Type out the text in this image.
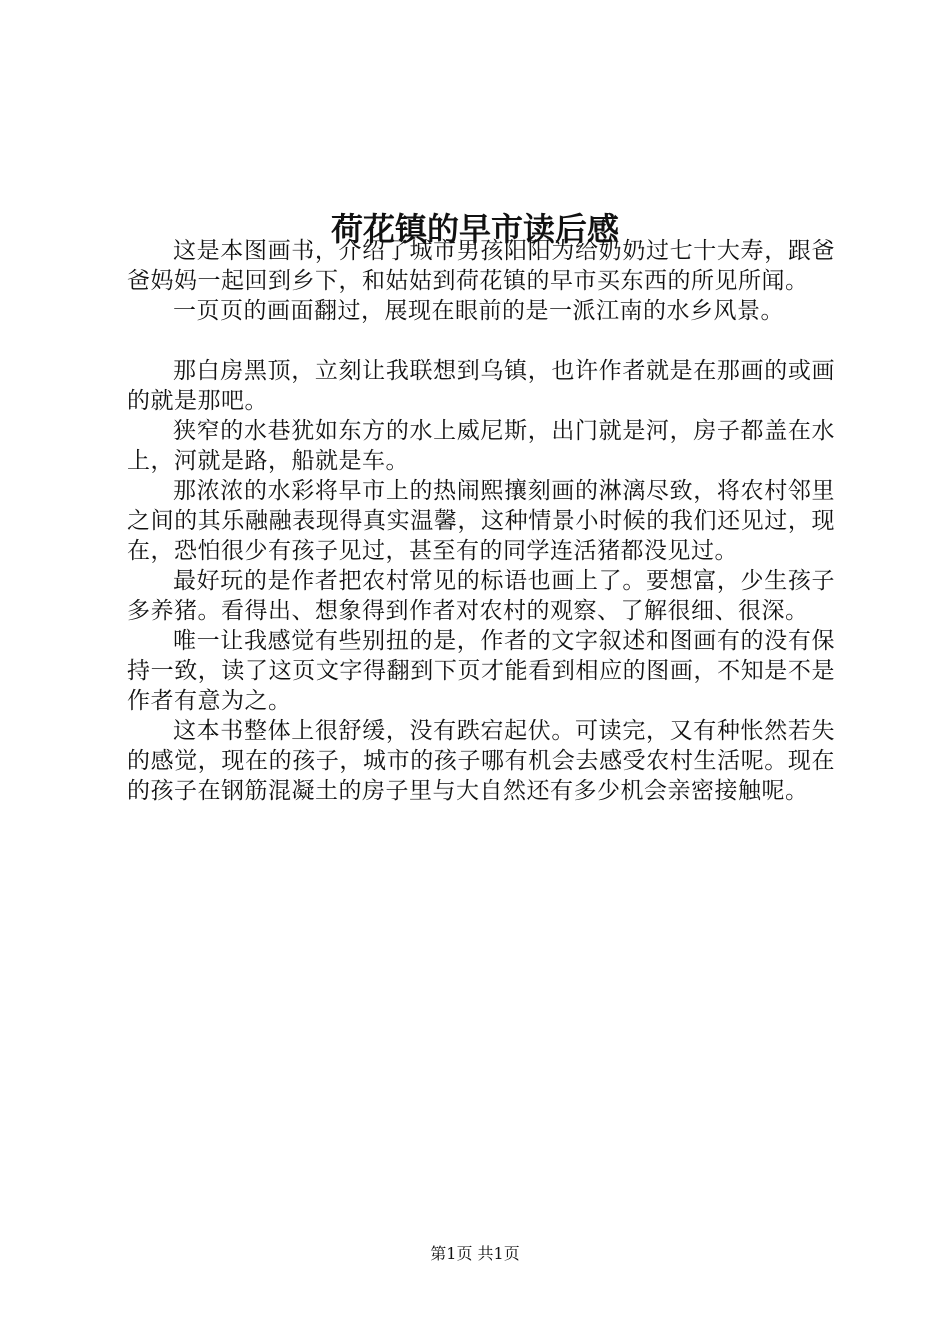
荷花镇的早市读后感

这是本图画书，介绍了城市男孩阳阳为给奶奶过七十大寿，跟爸爸妈妈一起回到乡下，和姑姑到荷花镇的早市买东西的所见所闻。

一页页的画面翻过，展现在眼前的是一派江南的水乡风景。

那白房黑顶，立刻让我联想到乌镇，也许作者就是在那画的或画的就是那吧。

狭窄的水巷犹如东方的水上威尼斯，出门就是河，房子都盖在水上，河就是路，船就是车。

那浓浓的水彩将早市上的热闹熙攘刻画的淋漓尽致，将农村邻里之间的其乐融融表现得真实温馨，这种情景小时候的我们还见过，现在，恐怕很少有孩子见过，甚至有的同学连活猪都没见过。

最好玩的是作者把农村常见的标语也画上了。要想富，少生孩子多养猪。看得出、想象得到作者对农村的观察、了解很细、很深。

唯一让我感觉有些别扭的是，作者的文字叙述和图画有的没有保持一致，读了这页文字得翻到下页才能看到相应的图画，不知是不是作者有意为之。

这本书整体上很舒缓，没有跌宕起伏。可读完，又有种怅然若失的感觉，现在的孩子，城市的孩子哪有机会去感受农村生活呢。现在的孩子在钢筋混凝土的房子里与大自然还有多少机会亲密接触呢。

第1页 共1页
